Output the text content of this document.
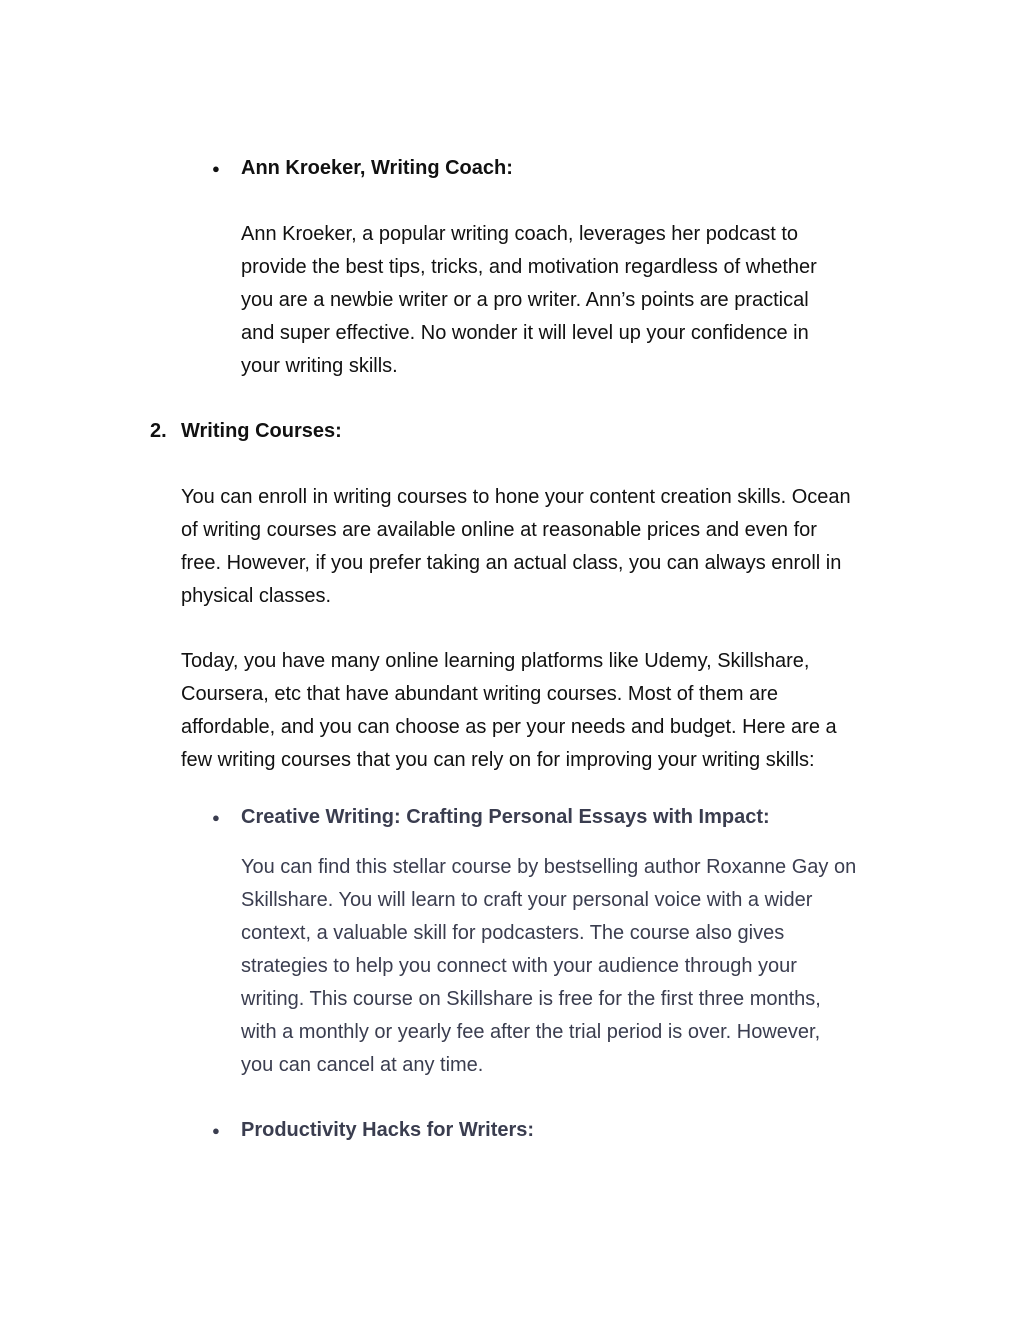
● Ann Kroeker, Writing Coach:
Ann Kroeker, a popular writing coach, leverages her podcast to
provide the best tips, tricks, and motivation regardless of whether
you are a newbie writer or a pro writer. Ann’s points are practical
and super effective. No wonder it will level up your confidence in
your writing skills.
2. Writing Courses:
You can enroll in writing courses to hone your content creation skills. Ocean
of writing courses are available online at reasonable prices and even for
free. However, if you prefer taking an actual class, you can always enroll in
physical classes.
Today, you have many online learning platforms like Udemy, Skillshare,
Coursera, etc that have abundant writing courses. Most of them are
affordable, and you can choose as per your needs and budget. Here are a
few writing courses that you can rely on for improving your writing skills:
● Creative Writing: Crafting Personal Essays with Impact:
You can find this stellar course by bestselling author Roxanne Gay on
Skillshare. You will learn to craft your personal voice with a wider
context, a valuable skill for podcasters. The course also gives
strategies to help you connect with your audience through your
writing. This course on Skillshare is free for the first three months,
with a monthly or yearly fee after the trial period is over. However,
you can cancel at any time.
● Productivity Hacks for Writers:
